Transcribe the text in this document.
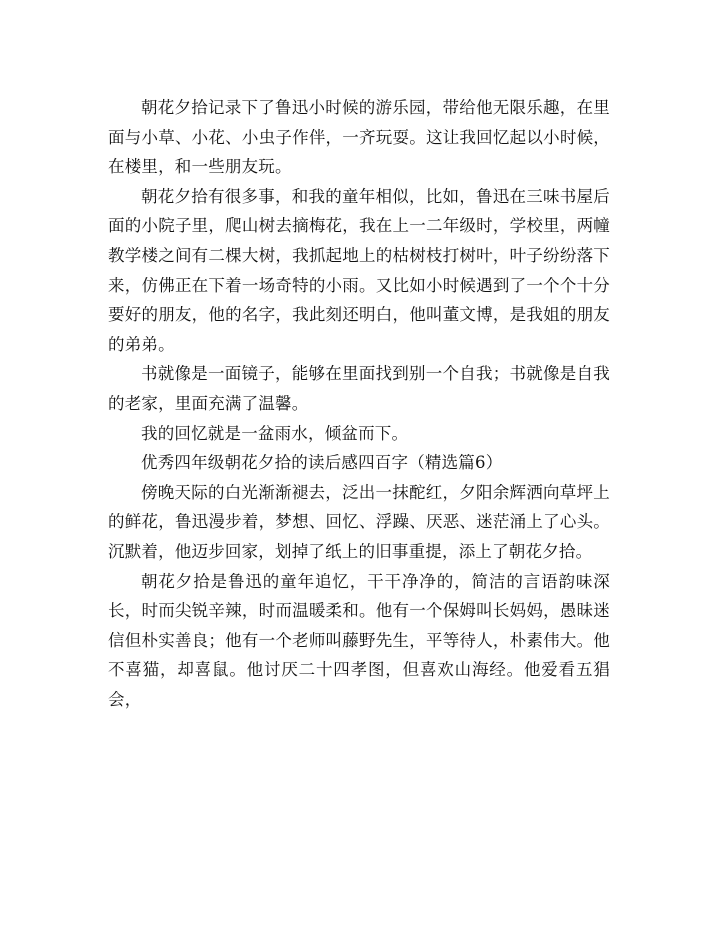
朝花夕拾记录下了鲁迅小时候的游乐园，带给他无限乐趣，在里面与小草、小花、小虫子作伴，一齐玩耍。这让我回忆起以小时候，在楼里，和一些朋友玩。

朝花夕拾有很多事，和我的童年相似，比如，鲁迅在三味书屋后面的小院子里，爬山树去摘梅花，我在上一二年级时，学校里，两幢教学楼之间有二棵大树，我抓起地上的枯树枝打树叶，叶子纷纷落下来，仿佛正在下着一场奇特的小雨。又比如小时候遇到了一个个十分要好的朋友，他的名字，我此刻还明白，他叫董文博，是我姐的朋友的弟弟。

书就像是一面镜子，能够在里面找到别一个自我；书就像是自我的老家，里面充满了温馨。

我的回忆就是一盆雨水，倾盆而下。

优秀四年级朝花夕拾的读后感四百字（精选篇6）

傍晚天际的白光渐渐褪去，泛出一抹酡红，夕阳余辉洒向草坪上的鲜花，鲁迅漫步着，梦想、回忆、浮躁、厌恶、迷茫涌上了心头。沉默着，他迈步回家，划掉了纸上的旧事重提，添上了朝花夕拾。

朝花夕拾是鲁迅的童年追忆，干干净净的，简洁的言语韵味深长，时而尖锐辛辣，时而温暖柔和。他有一个保姆叫长妈妈，愚昧迷信但朴实善良；他有一个老师叫藤野先生，平等待人，朴素伟大。他不喜猫，却喜鼠。他讨厌二十四孝图，但喜欢山海经。他爱看五猖会，
